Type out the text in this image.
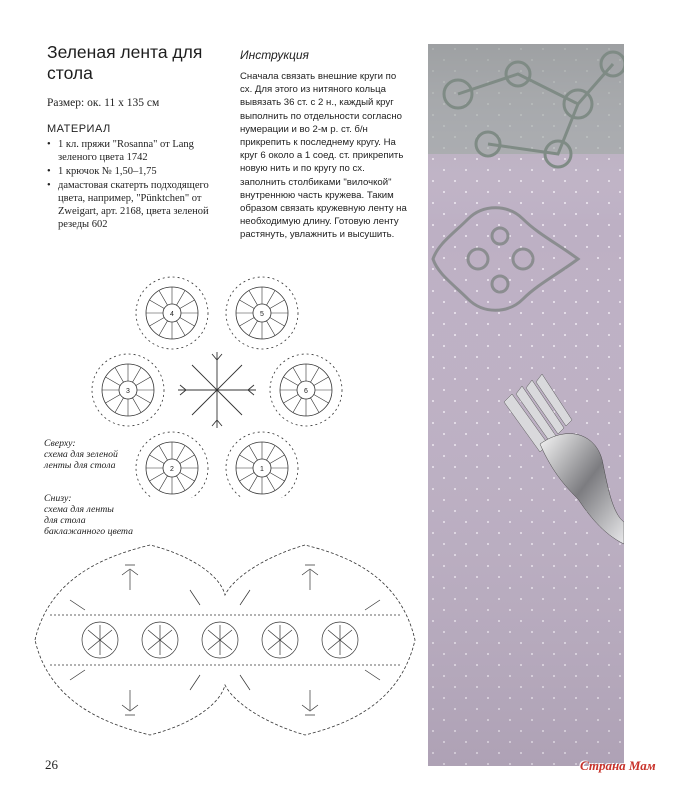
Зеленая лента для стола
Размер: ок. 11 x 135 см
МАТЕРИАЛ
• 1 кл. пряжи "Rosanna" от Lang зеленого цвета 1742
• 1 крючок № 1,50–1,75
• дамастовая скатерть подходящего цвета, например, "Pünktchen" от Zweigart, арт. 2168, цвета зеленой резеды 602
Инструкция

Сначала связать внешние круги по сх. Для этого из нитяного кольца вывязать 36 ст. с 2 н., каждый круг выполнить по отдельности согласно нумерации и во 2-м р. ст. б/н прикрепить к последнему кругу. На круг 6 около a 1 соед. ст. прикрепить новую нить и по кругу по сх. заполнить столбиками "вилочкой" внутреннюю часть кружева. Таким образом связать кружевную ленту на необходимую длину. Готовую ленту растянуть, увлажнить и высушить.

4	5
3	6
2	1
Сверху:
схема для зеленой
ленты для стола
Снизу:
схема для ленты
для стола
баклажанного цвета
26	Страна Мам
